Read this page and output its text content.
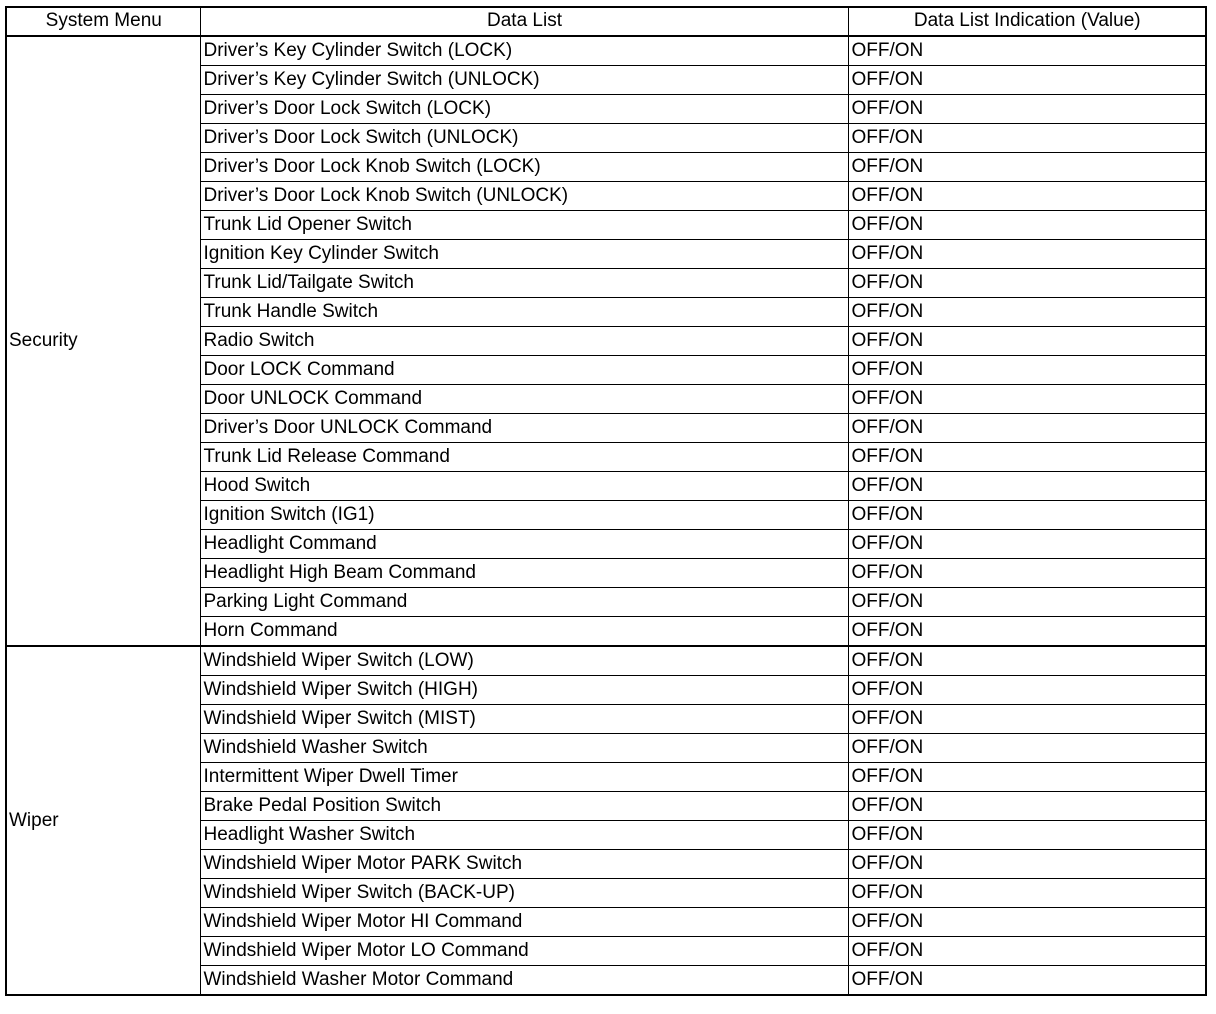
System Menu	Data List	Data List Indication (Value)
Security	Driver’s Key Cylinder Switch (LOCK)	OFF/ON
	Driver’s Key Cylinder Switch (UNLOCK)	OFF/ON
	Driver’s Door Lock Switch (LOCK)	OFF/ON
	Driver’s Door Lock Switch (UNLOCK)	OFF/ON
	Driver’s Door Lock Knob Switch (LOCK)	OFF/ON
	Driver’s Door Lock Knob Switch (UNLOCK)	OFF/ON
	Trunk Lid Opener Switch	OFF/ON
	Ignition Key Cylinder Switch	OFF/ON
	Trunk Lid/Tailgate Switch	OFF/ON
	Trunk Handle Switch	OFF/ON
	Radio Switch	OFF/ON
	Door LOCK Command	OFF/ON
	Door UNLOCK Command	OFF/ON
	Driver’s Door UNLOCK Command	OFF/ON
	Trunk Lid Release Command	OFF/ON
	Hood Switch	OFF/ON
	Ignition Switch (IG1)	OFF/ON
	Headlight Command	OFF/ON
	Headlight High Beam Command	OFF/ON
	Parking Light Command	OFF/ON
	Horn Command	OFF/ON
Wiper	Windshield Wiper Switch (LOW)	OFF/ON
	Windshield Wiper Switch (HIGH)	OFF/ON
	Windshield Wiper Switch (MIST)	OFF/ON
	Windshield Washer Switch	OFF/ON
	Intermittent Wiper Dwell Timer	OFF/ON
	Brake Pedal Position Switch	OFF/ON
	Headlight Washer Switch	OFF/ON
	Windshield Wiper Motor PARK Switch	OFF/ON
	Windshield Wiper Switch (BACK-UP)	OFF/ON
	Windshield Wiper Motor HI Command	OFF/ON
	Windshield Wiper Motor LO Command	OFF/ON
	Windshield Washer Motor Command	OFF/ON
